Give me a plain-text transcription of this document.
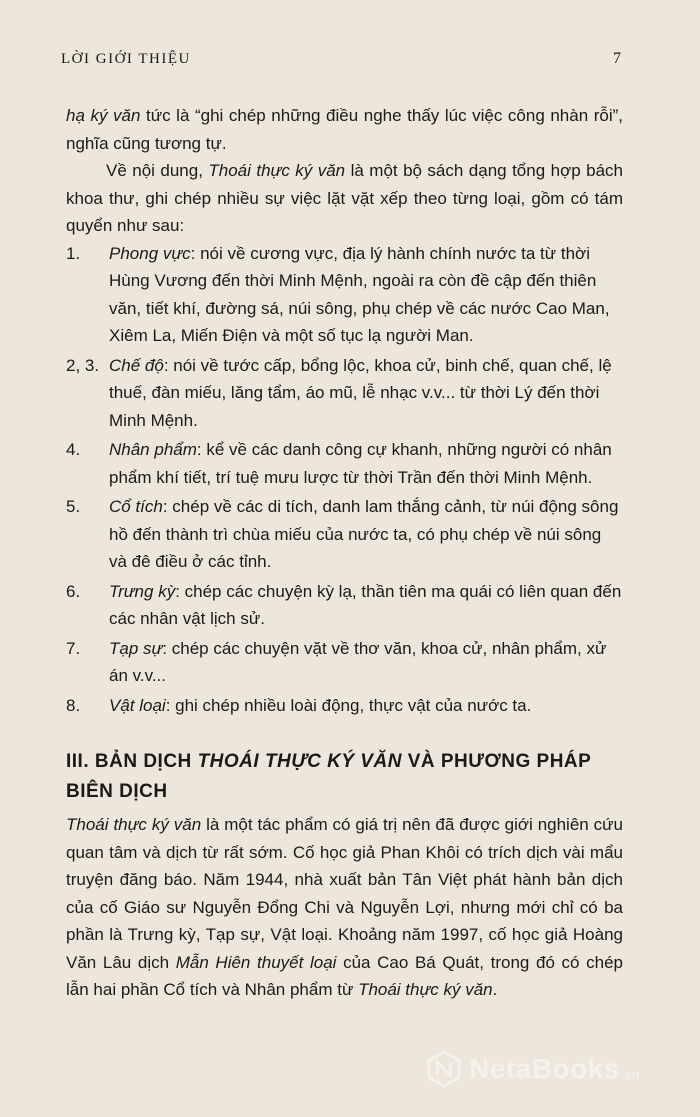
LỜI GIỚI THIỆU	7

hạ ký văn tức là “ghi chép những điều nghe thấy lúc việc công nhàn rỗi”, nghĩa cũng tương tự.

Về nội dung, Thoái thực ký văn là một bộ sách dạng tổng hợp bách khoa thư, ghi chép nhiều sự việc lặt vặt xếp theo từng loại, gồm có tám quyển như sau:

1.	Phong vực: nói về cương vực, địa lý hành chính nước ta từ thời Hùng Vương đến thời Minh Mệnh, ngoài ra còn đề cập đến thiên văn, tiết khí, đường sá, núi sông, phụ chép về các nước Cao Man, Xiêm La, Miến Điện và một số tục lạ người Man.
2, 3. Chế độ: nói về tước cấp, bổng lộc, khoa cử, binh chế, quan chế, lệ thuế, đàn miếu, lăng tẩm, áo mũ, lễ nhạc v.v... từ thời Lý đến thời Minh Mệnh.
4.	Nhân phẩm: kể về các danh công cự khanh, những người có nhân phẩm khí tiết, trí tuệ mưu lược từ thời Trần đến thời Minh Mệnh.
5.	Cổ tích: chép về các di tích, danh lam thắng cảnh, từ núi động sông hồ đến thành trì chùa miếu của nước ta, có phụ chép về núi sông và đê điều ở các tỉnh.
6.	Trưng kỳ: chép các chuyện kỳ lạ, thần tiên ma quái có liên quan đến các nhân vật lịch sử.
7.	Tạp sự: chép các chuyện vặt về thơ văn, khoa cử, nhân phẩm, xử án v.v...
8.	Vật loại: ghi chép nhiều loài động, thực vật của nước ta.
III. BẢN DỊCH THOÁI THỰC KÝ VĂN VÀ PHƯƠNG PHÁP BIÊN DỊCH

Thoái thực ký văn là một tác phẩm có giá trị nên đã được giới nghiên cứu quan tâm và dịch từ rất sớm. Cố học giả Phan Khôi có trích dịch vài mẩu truyện đăng báo. Năm 1944, nhà xuất bản Tân Việt phát hành bản dịch của cố Giáo sư Nguyễn Đổng Chi và Nguyễn Lợi, nhưng mới chỉ có ba phần là Trưng kỳ, Tạp sự, Vật loại. Khoảng năm 1997, cố học giả Hoàng Văn Lâu dịch Mẫn Hiên thuyết loại của Cao Bá Quát, trong đó có chép lẫn hai phần Cổ tích và Nhân phẩm từ Thoái thực ký văn.

NetaBooks .vn
